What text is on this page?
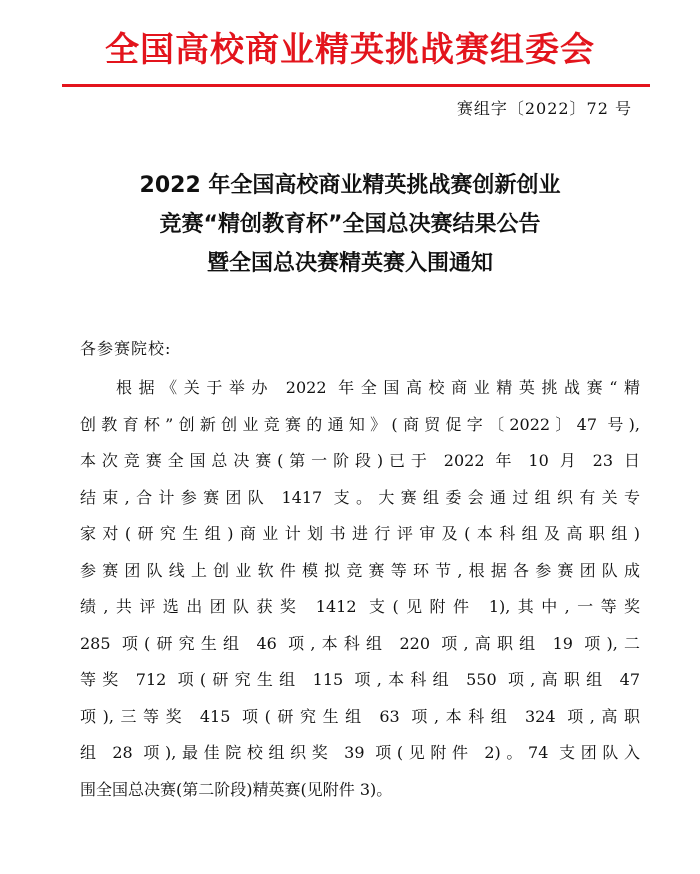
全国高校商业精英挑战赛组委会
赛组字〔2022〕72 号
2022 年全国高校商业精英挑战赛创新创业
竞赛“精创教育杯”全国总决赛结果公告
暨全国总决赛精英赛入围通知
各参赛院校:
根据《关于举办 2022 年全国高校商业精英挑战赛“精
创教育杯”创新创业竞赛的通知》(商贸促字〔2022〕47 号),
本次竞赛全国总决赛(第一阶段)已于 2022 年 10 月 23 日
结束,合计参赛团队 1417 支。大赛组委会通过组织有关专
家对(研究生组)商业计划书进行评审及(本科组及高职组)
参赛团队线上创业软件模拟竞赛等环节,根据各参赛团队成
绩,共评选出团队获奖 1412 支(见附件 1),其中,一等奖
285 项(研究生组 46 项,本科组 220 项,高职组 19 项),二
等奖 712 项(研究生组 115 项,本科组 550 项,高职组 47
项),三等奖 415 项(研究生组 63 项,本科组 324 项,高职
组 28 项),最佳院校组织奖 39 项(见附件 2)。74 支团队入
围全国总决赛(第二阶段)精英赛(见附件 3)。
